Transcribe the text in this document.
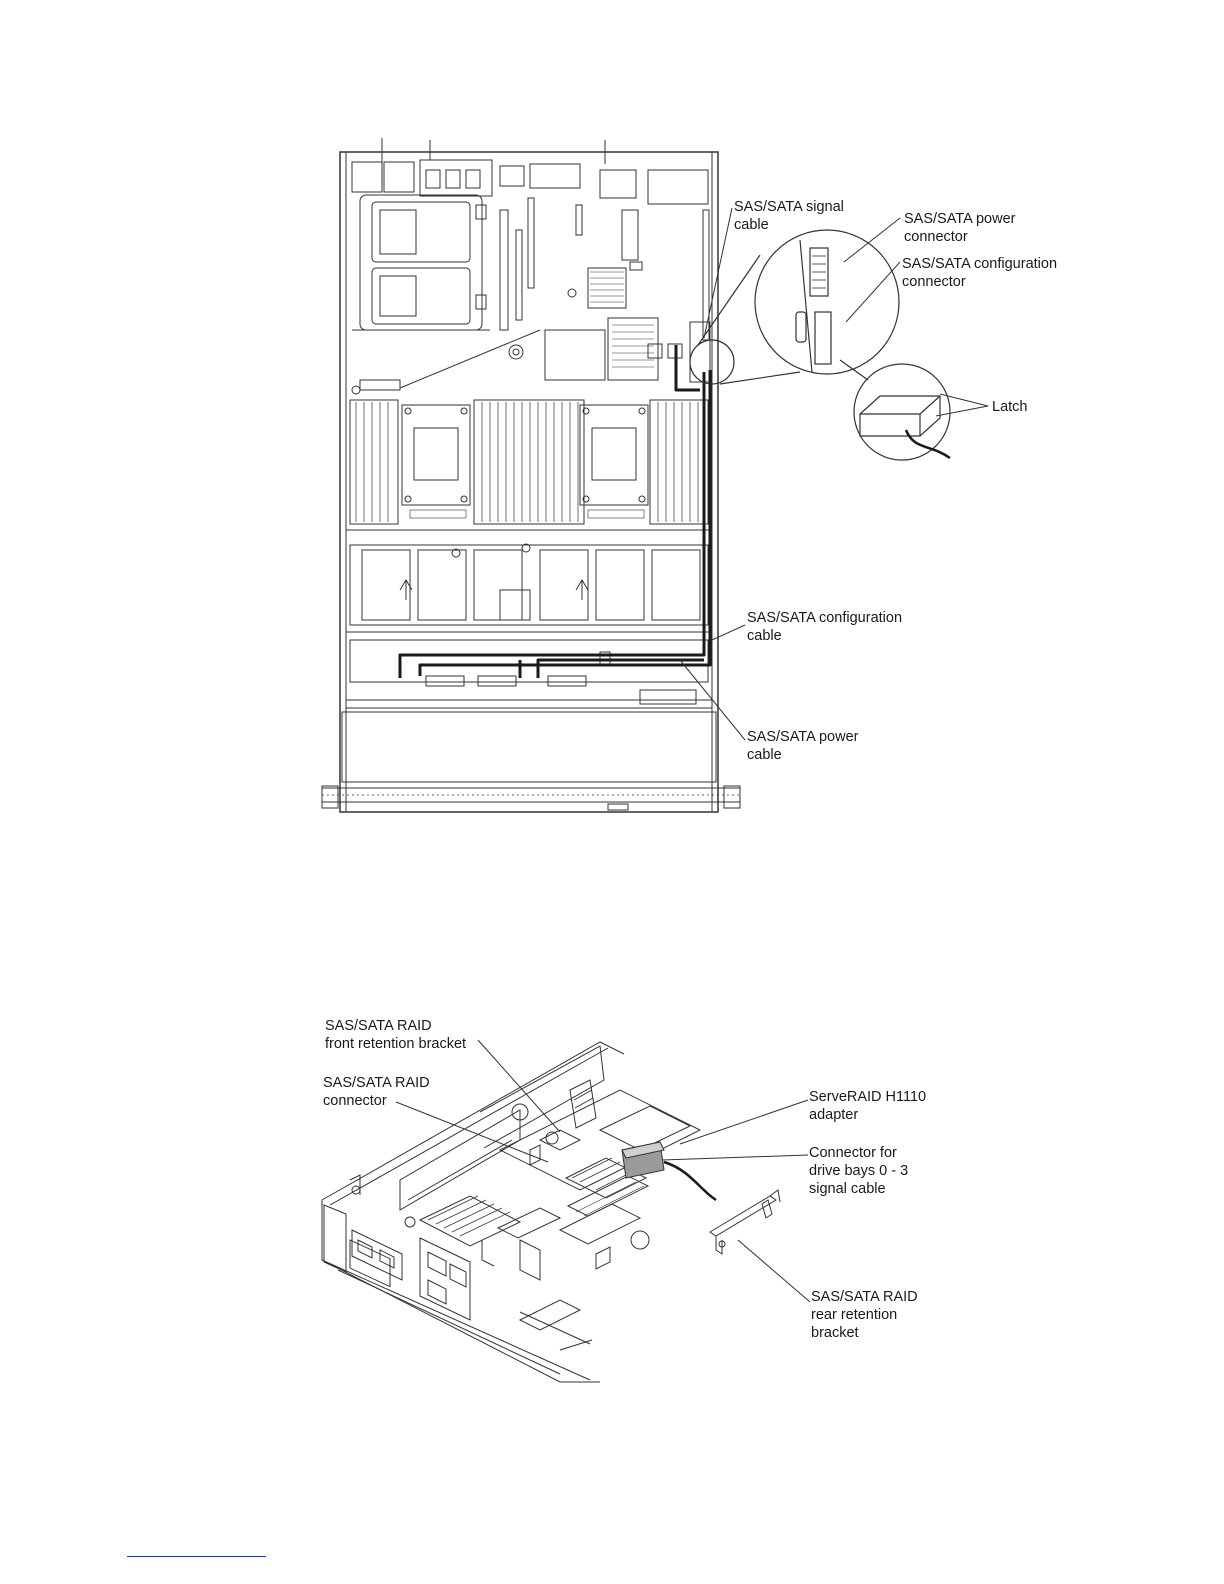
SAS/SATA signal
cable	SAS/SATA power
connector
SAS/SATA configuration
connector
Latch
SAS/SATA configuration
cable
SAS/SATA power
cable
SAS/SATA RAID
front retention bracket
SAS/SATA RAID
connector	ServeRAID H1110
adapter
Connector for
drive bays 0 - 3
signal cable
SAS/SATA RAID
rear retention
bracket
